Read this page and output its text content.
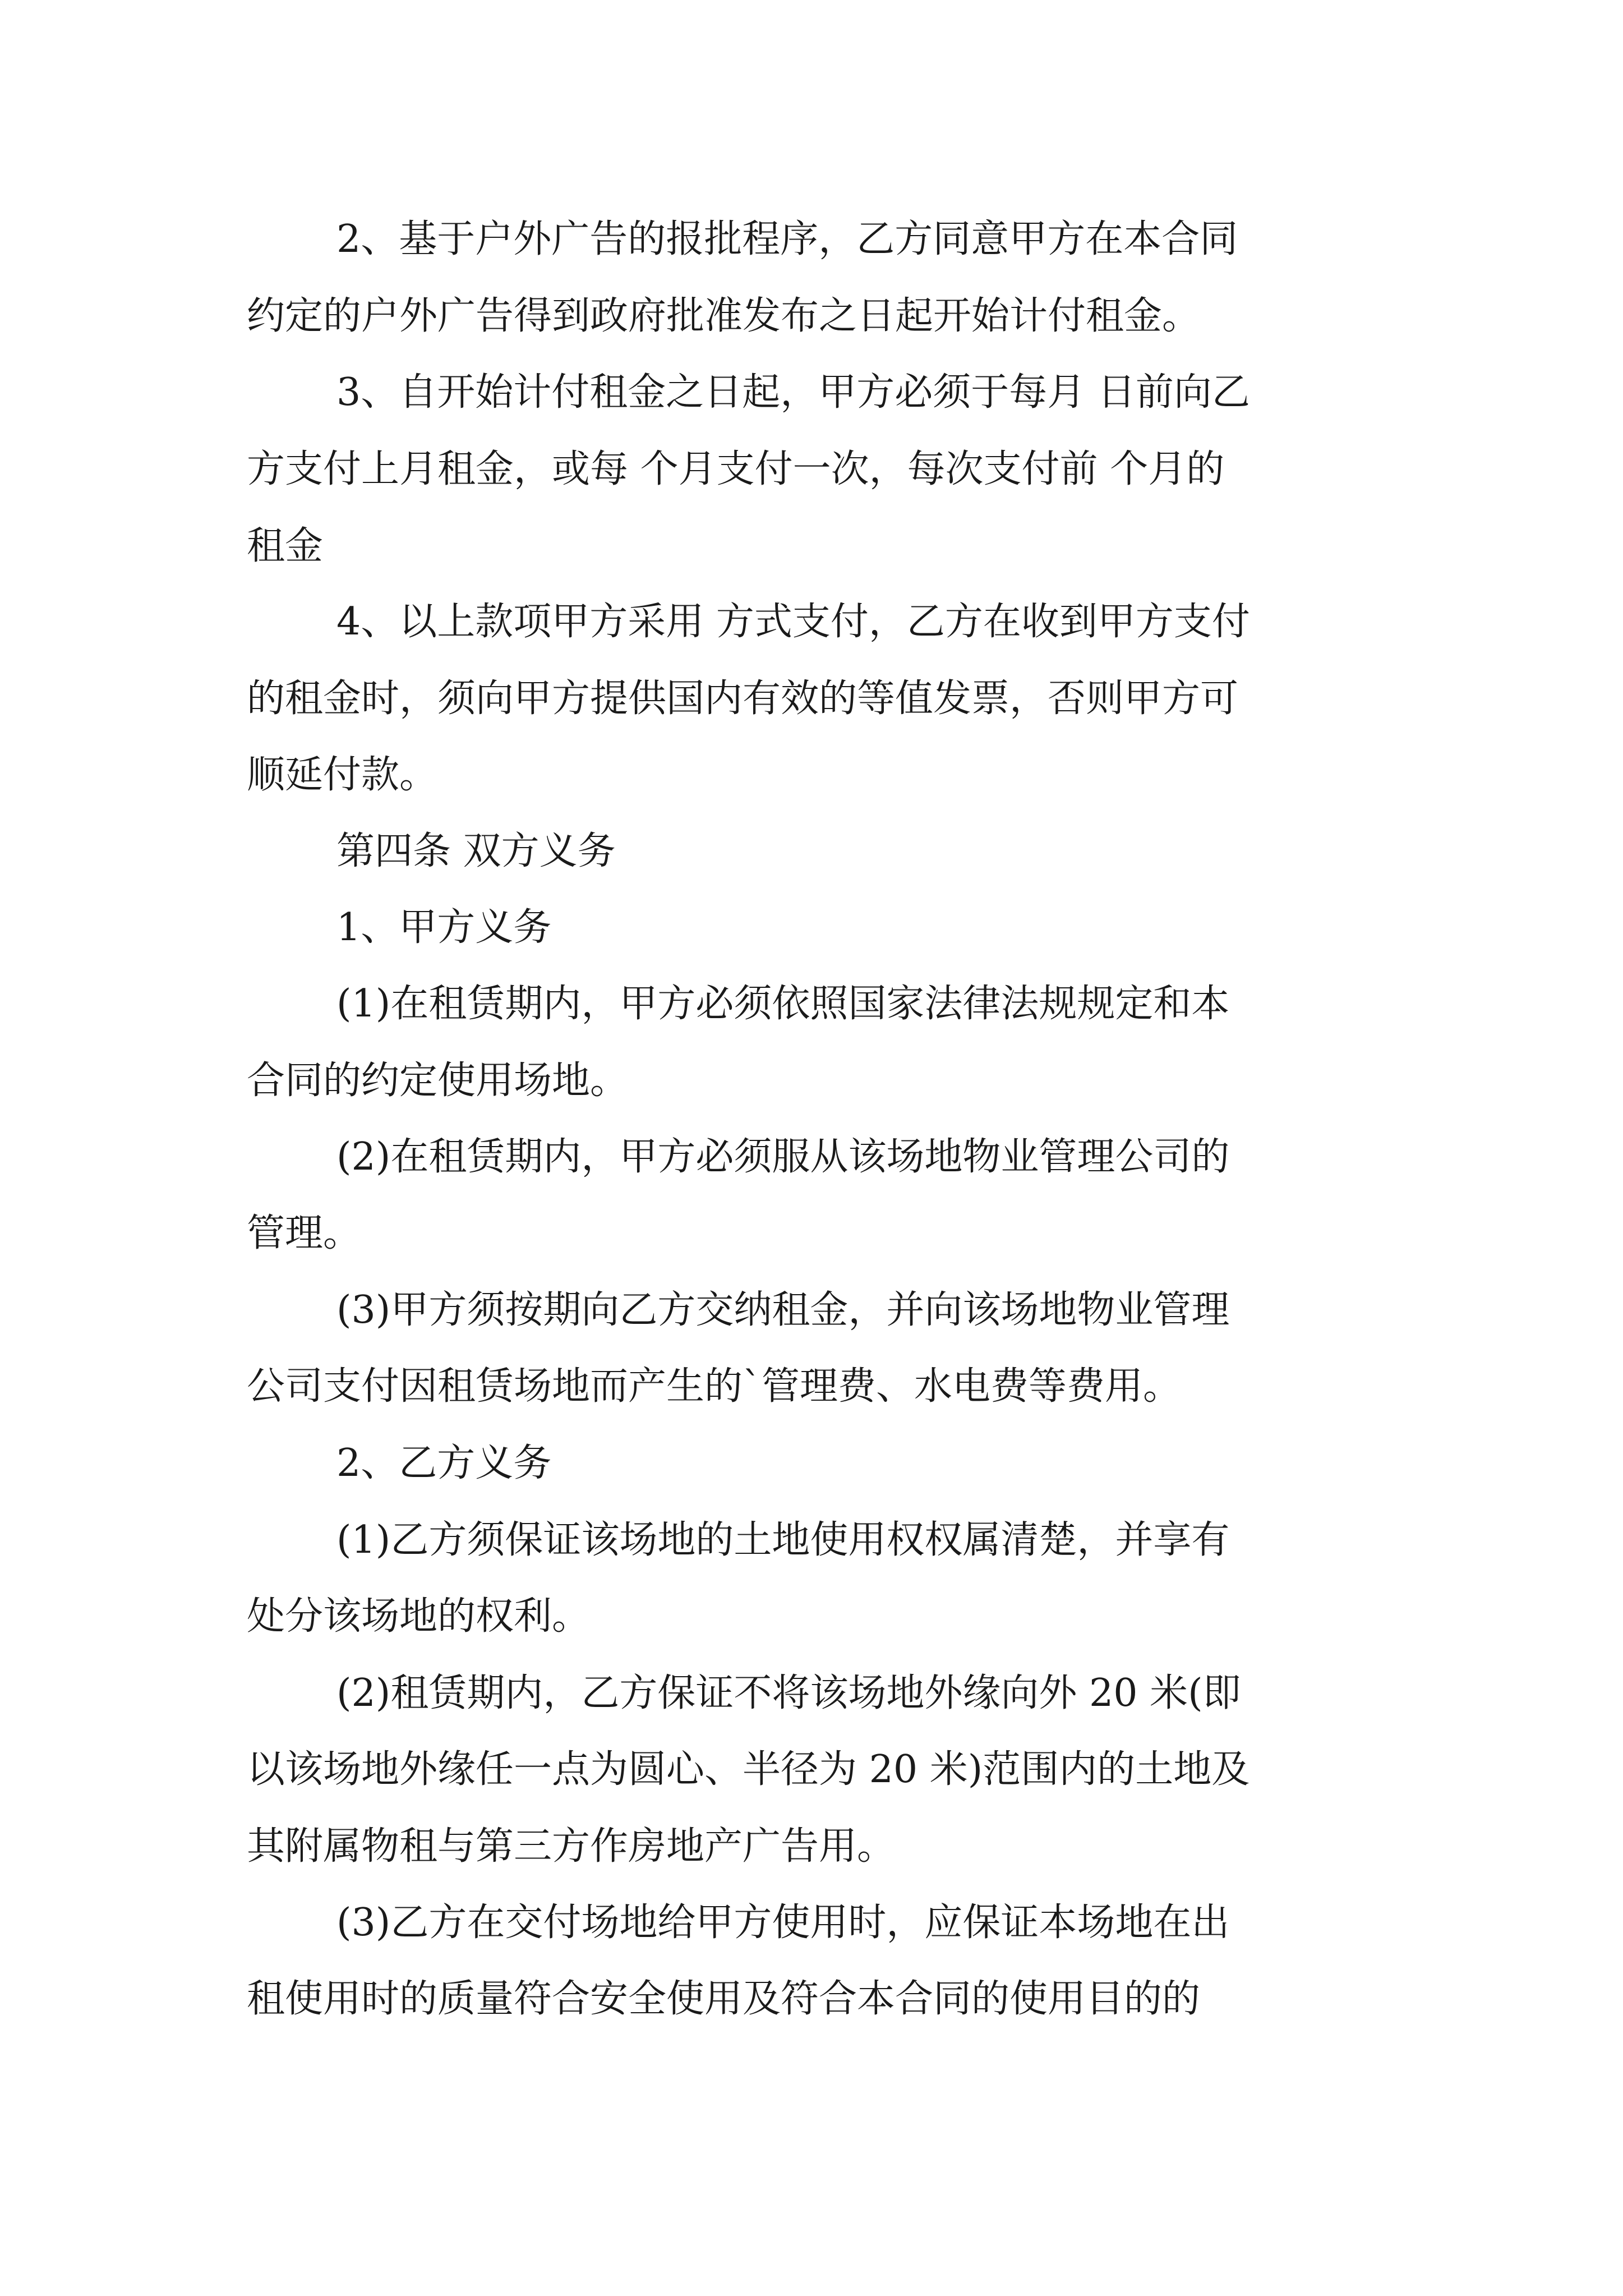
2、基于户外广告的报批程序，乙方同意甲方在本合同

约定的户外广告得到政府批准发布之日起开始计付租金。

3、自开始计付租金之日起，甲方必须于每月 日前向乙

方支付上月租金，或每 个月支付一次，每次支付前 个月的

租金

4、以上款项甲方采用 方式支付，乙方在收到甲方支付

的租金时，须向甲方提供国内有效的等值发票，否则甲方可

顺延付款。

第四条 双方义务

1、甲方义务

(1)在租赁期内，甲方必须依照国家法律法规规定和本

合同的约定使用场地。

(2)在租赁期内，甲方必须服从该场地物业管理公司的

管理。

(3)甲方须按期向乙方交纳租金，并向该场地物业管理

公司支付因租赁场地而产生的`管理费、水电费等费用。

2、乙方义务

(1)乙方须保证该场地的土地使用权权属清楚，并享有

处分该场地的权利。

(2)租赁期内，乙方保证不将该场地外缘向外 20 米(即

以该场地外缘任一点为圆心、半径为 20 米)范围内的土地及

其附属物租与第三方作房地产广告用。

(3)乙方在交付场地给甲方使用时，应保证本场地在出

租使用时的质量符合安全使用及符合本合同的使用目的的
